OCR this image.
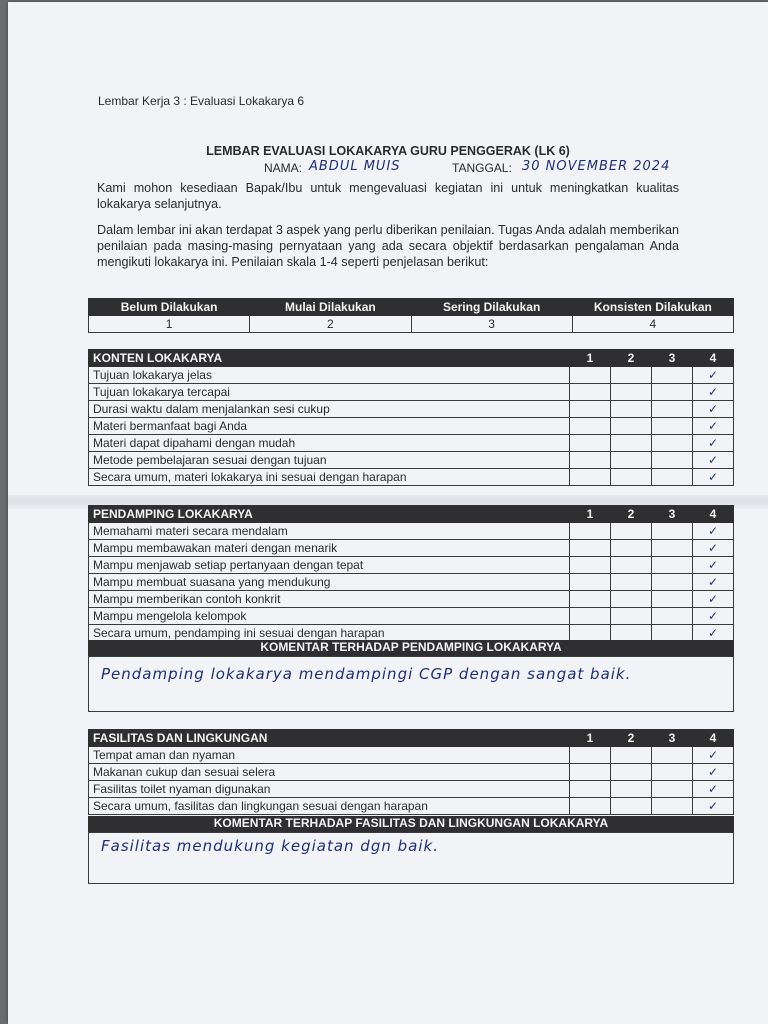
Lembar Kerja 3 : Evaluasi Lokakarya 6
LEMBAR EVALUASI LOKAKARYA GURU PENGGERAK (LK 6)
NAMA: ABDUL MUIS	TANGGAL: 30 NOVEMBER 2024
Kami mohon kesediaan Bapak/Ibu untuk mengevaluasi kegiatan ini untuk meningkatkan kualitas lokakarya selanjutnya.
Dalam lembar ini akan terdapat 3 aspek yang perlu diberikan penilaian. Tugas Anda adalah memberikan penilaian pada masing-masing pernyataan yang ada secara objektif berdasarkan pengalaman Anda mengikuti lokakarya ini. Penilaian skala 1-4 seperti penjelasan berikut:
Belum Dilakukan	Mulai Dilakukan	Sering Dilakukan	Konsisten Dilakukan
1	2	3	4
KONTEN LOKAKARYA	1	2	3	4
Tujuan lokakarya jelas				✓
Tujuan lokakarya tercapai				✓
Durasi waktu dalam menjalankan sesi cukup				✓
Materi bermanfaat bagi Anda				✓
Materi dapat dipahami dengan mudah				✓
Metode pembelajaran sesuai dengan tujuan				✓
Secara umum, materi lokakarya ini sesuai dengan harapan				✓
PENDAMPING LOKAKARYA	1	2	3	4
Memahami materi secara mendalam				✓
Mampu membawakan materi dengan menarik				✓
Mampu menjawab setiap pertanyaan dengan tepat				✓
Mampu membuat suasana yang mendukung				✓
Mampu memberikan contoh konkrit				✓
Mampu mengelola kelompok				✓
Secara umum, pendamping ini sesuai dengan harapan				✓
KOMENTAR TERHADAP PENDAMPING LOKAKARYA
Pendamping lokakarya mendampingi CGP dengan sangat baik.
FASILITAS DAN LINGKUNGAN	1	2	3	4
Tempat aman dan nyaman				✓
Makanan cukup dan sesuai selera				✓
Fasilitas toilet nyaman digunakan				✓
Secara umum, fasilitas dan lingkungan sesuai dengan harapan				✓
KOMENTAR TERHADAP FASILITAS DAN LINGKUNGAN LOKAKARYA
Fasilitas mendukung kegiatan dgn baik.
